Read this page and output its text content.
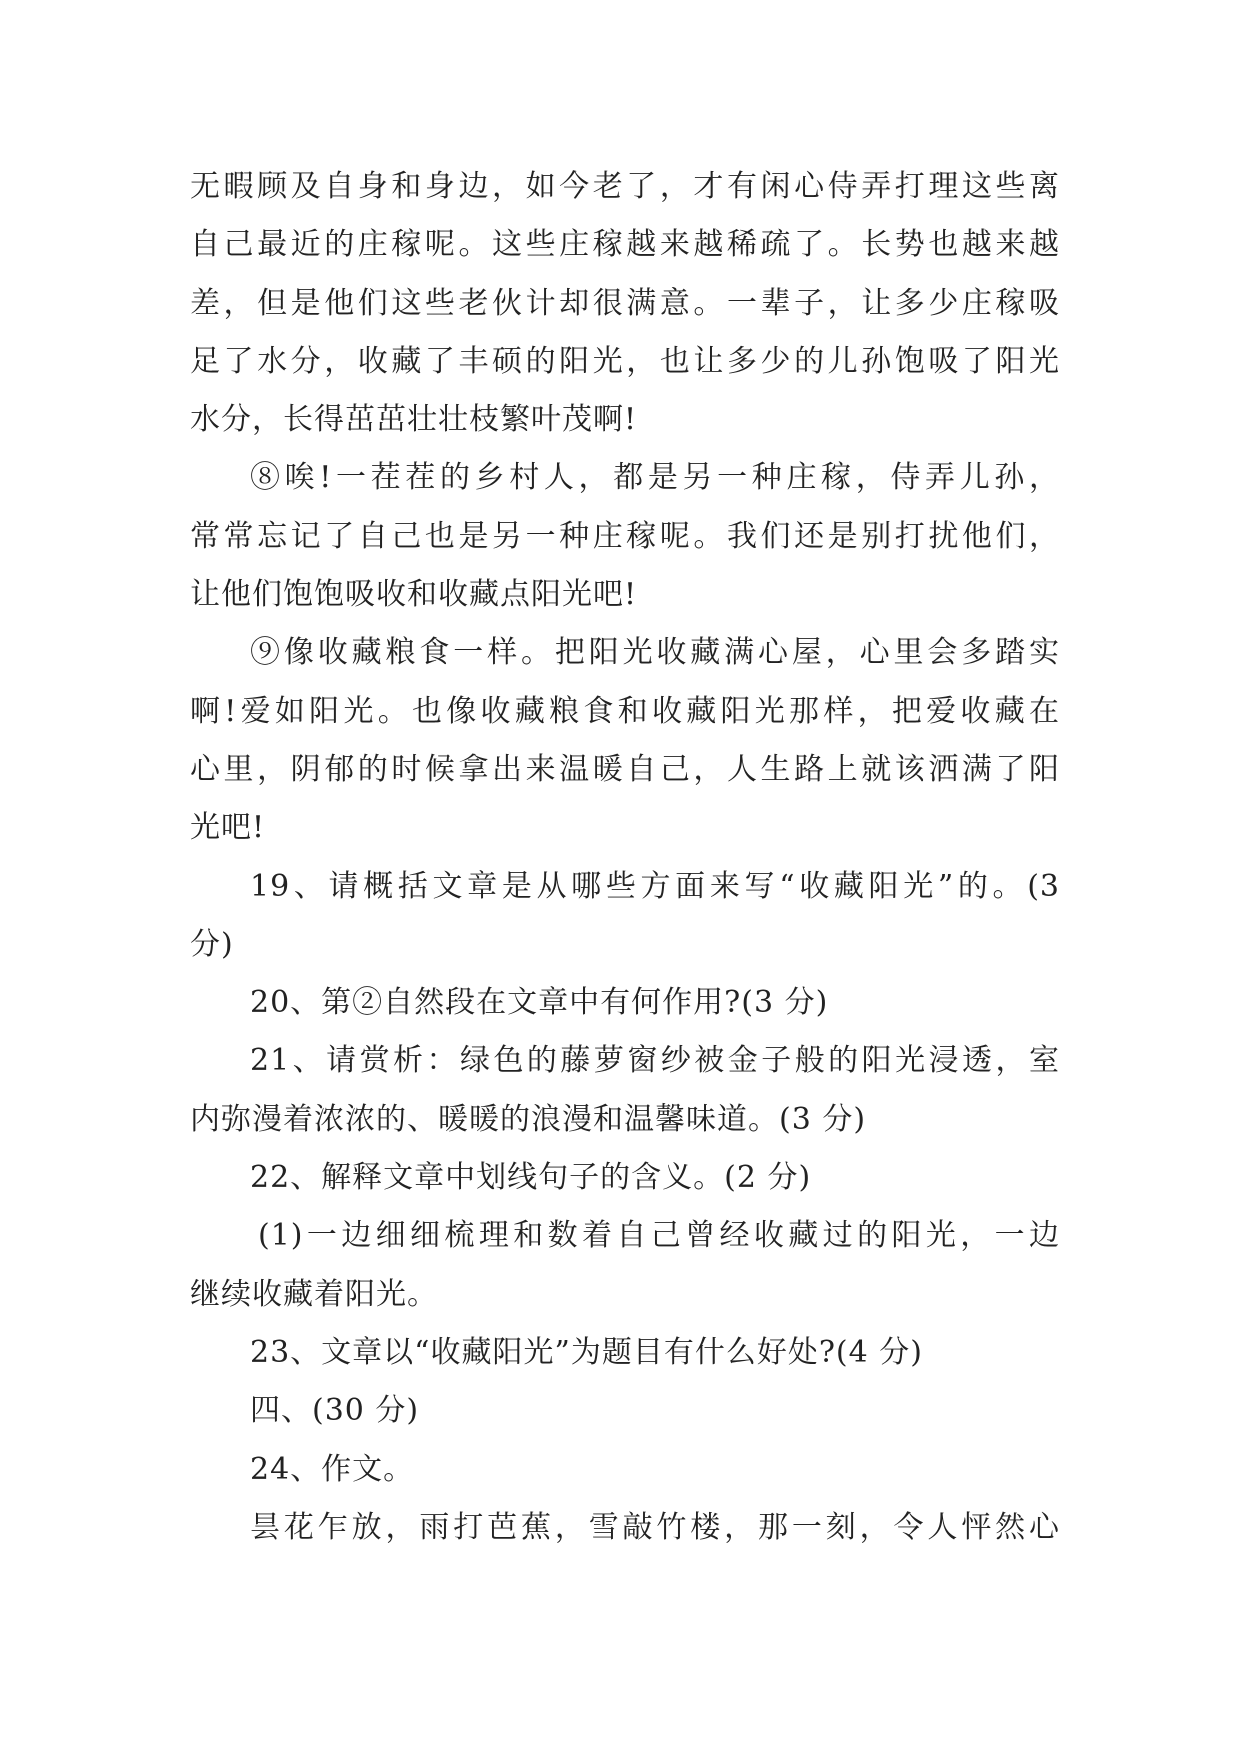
无暇顾及自身和身边，如今老了，才有闲心侍弄打理这些离
自己最近的庄稼呢。这些庄稼越来越稀疏了。长势也越来越
差，但是他们这些老伙计却很满意。一辈子，让多少庄稼吸
足了水分，收藏了丰硕的阳光，也让多少的儿孙饱吸了阳光
水分，长得茁茁壮壮枝繁叶茂啊!
⑧唉!一茬茬的乡村人，都是另一种庄稼，侍弄儿孙，
常常忘记了自己也是另一种庄稼呢。我们还是别打扰他们，
让他们饱饱吸收和收藏点阳光吧!
⑨像收藏粮食一样。把阳光收藏满心屋，心里会多踏实
啊!爱如阳光。也像收藏粮食和收藏阳光那样，把爱收藏在
心里，阴郁的时候拿出来温暖自己，人生路上就该洒满了阳
光吧!
19、请概括文章是从哪些方面来写“收藏阳光”的。(3
分)
20、第②自然段在文章中有何作用?(3 分)
21、请赏析：绿色的藤萝窗纱被金子般的阳光浸透，室
内弥漫着浓浓的、暖暖的浪漫和温馨味道。(3 分)
22、解释文章中划线句子的含义。(2 分)
(1)一边细细梳理和数着自己曾经收藏过的阳光，一边
继续收藏着阳光。
23、文章以“收藏阳光”为题目有什么好处?(4 分)
四、(30 分)
24、作文。
昙花乍放，雨打芭蕉，雪敲竹楼，那一刻，令人怦然心
